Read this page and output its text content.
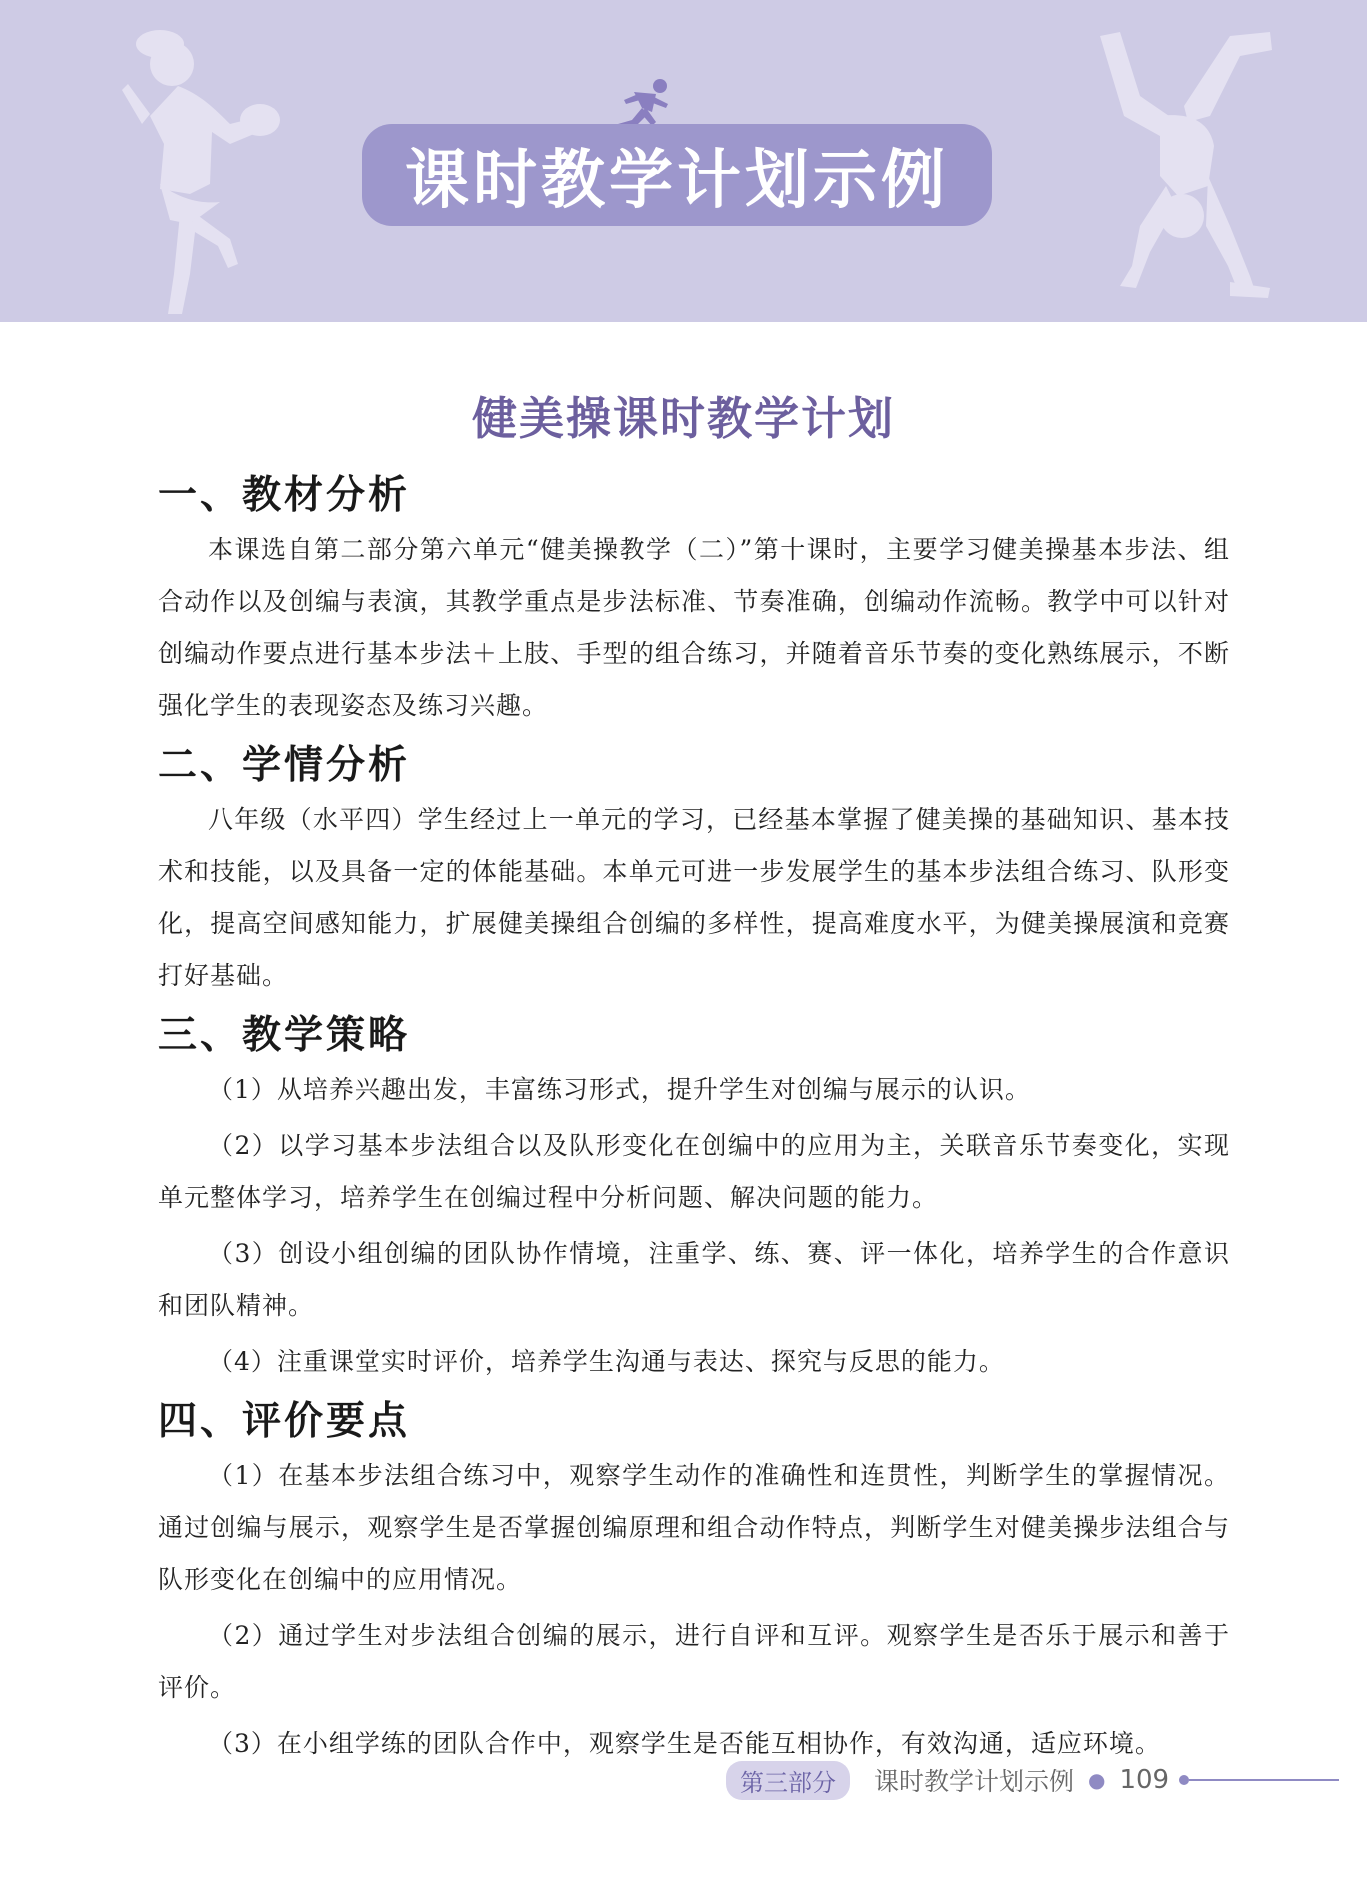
课时教学计划示例
健美操课时教学计划
一、教材分析

本课选自第二部分第六单元“健美操教学（二）”第十课时，主要学习健美操基本步法、组合动作以及创编与表演，其教学重点是步法标准、节奏准确，创编动作流畅。教学中可以针对创编动作要点进行基本步法＋上肢、手型的组合练习，并随着音乐节奏的变化熟练展示，不断强化学生的表现姿态及练习兴趣。

二、学情分析

八年级（水平四）学生经过上一单元的学习，已经基本掌握了健美操的基础知识、基本技术和技能，以及具备一定的体能基础。本单元可进一步发展学生的基本步法组合练习、队形变化，提高空间感知能力，扩展健美操组合创编的多样性，提高难度水平，为健美操展演和竞赛打好基础。

三、教学策略

（1）从培养兴趣出发，丰富练习形式，提升学生对创编与展示的认识。

（2）以学习基本步法组合以及队形变化在创编中的应用为主，关联音乐节奏变化，实现单元整体学习，培养学生在创编过程中分析问题、解决问题的能力。

（3）创设小组创编的团队协作情境，注重学、练、赛、评一体化，培养学生的合作意识和团队精神。

（4）注重课堂实时评价，培养学生沟通与表达、探究与反思的能力。

四、评价要点

（1）在基本步法组合练习中，观察学生动作的准确性和连贯性，判断学生的掌握情况。通过创编与展示，观察学生是否掌握创编原理和组合动作特点，判断学生对健美操步法组合与队形变化在创编中的应用情况。

（2）通过学生对步法组合创编的展示，进行自评和互评。观察学生是否乐于展示和善于评价。

（3）在小组学练的团队合作中，观察学生是否能互相协作，有效沟通，适应环境。

第三部分	课时教学计划示例 ● 109
